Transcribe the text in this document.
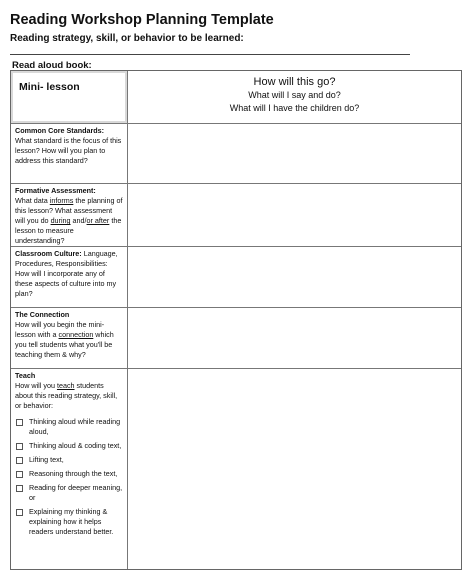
Reading Workshop Planning Template
Reading strategy, skill, or behavior to be learned:
Read aloud book:
Mini- lesson	How will this go?
What will I say and do?
What will I have the children do?
Common Core Standards:
What standard is the focus of this lesson? How will you plan to address this standard?
Formative Assessment:
What data informs the planning of this lesson? What assessment will you do during and/or after the lesson to measure understanding?
Classroom Culture: Language, Procedures, Responsibilities:
How will I incorporate any of these aspects of culture into my plan?
The Connection
How will you begin the mini-lesson with a connection which you tell students what you'll be teaching them & why?
Teach
How will you teach students about this reading strategy, skill, or behavior:
Thinking aloud while reading aloud,
Thinking aloud & coding text,
Lifting text,
Reasoning through the text,
Reading for deeper meaning, or
Explaining my thinking & explaining how it helps readers understand better.
